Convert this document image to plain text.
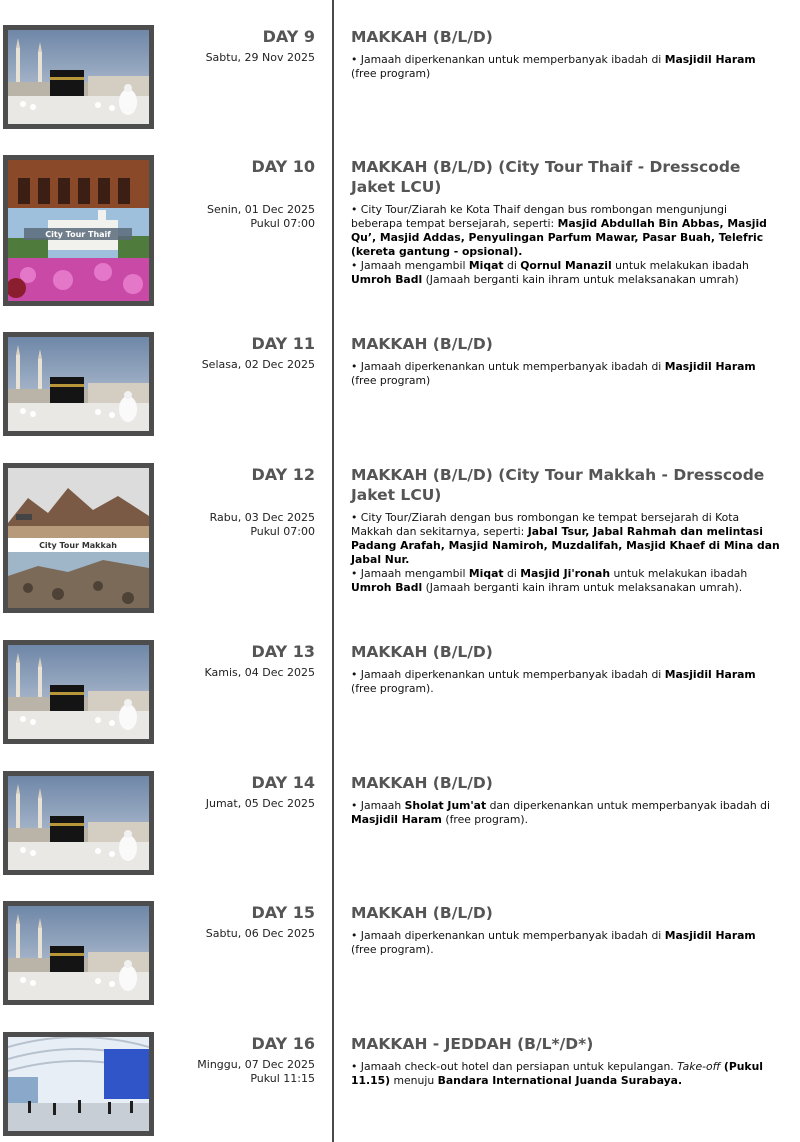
DAY 9
Sabtu, 29 Nov 2025
MAKKAH (B/L/D)
• Jamaah diperkenankan untuk memperbanyak ibadah di Masjidil Haram (free program)
City Tour Thaif
DAY 10
Senin, 01 Dec 2025
Pukul 07:00
MAKKAH (B/L/D) (City Tour Thaif - Dresscode Jaket LCU)
• City Tour/Ziarah ke Kota Thaif dengan bus rombongan mengunjungi beberapa tempat bersejarah, seperti: Masjid Abdullah Bin Abbas, Masjid Qu’, Masjid Addas, Penyulingan Parfum Mawar, Pasar Buah, Telefric (kereta gantung - opsional).
• Jamaah mengambil Miqat di Qornul Manazil untuk melakukan ibadah Umroh Badl (Jamaah berganti kain ihram untuk melaksanakan umrah)
DAY 11
Selasa, 02 Dec 2025
MAKKAH (B/L/D)
• Jamaah diperkenankan untuk memperbanyak ibadah di Masjidil Haram (free program)
City Tour Makkah
DAY 12
Rabu, 03 Dec 2025
Pukul 07:00
MAKKAH (B/L/D) (City Tour Makkah - Dresscode Jaket LCU)
• City Tour/Ziarah dengan bus rombongan ke tempat bersejarah di Kota Makkah dan sekitarnya, seperti: Jabal Tsur, Jabal Rahmah dan melintasi Padang Arafah, Masjid Namiroh, Muzdalifah, Masjid Khaef di Mina dan Jabal Nur.
• Jamaah mengambil Miqat di Masjid Ji'ronah untuk melakukan ibadah Umroh Badl (Jamaah berganti kain ihram untuk melaksanakan umrah).
DAY 13
Kamis, 04 Dec 2025
MAKKAH (B/L/D)
• Jamaah diperkenankan untuk memperbanyak ibadah di Masjidil Haram (free program).
DAY 14
Jumat, 05 Dec 2025
MAKKAH (B/L/D)
• Jamaah Sholat Jum'at dan diperkenankan untuk memperbanyak ibadah di Masjidil Haram (free program).
DAY 15
Sabtu, 06 Dec 2025
MAKKAH (B/L/D)
• Jamaah diperkenankan untuk memperbanyak ibadah di Masjidil Haram (free program).
DAY 16
Minggu, 07 Dec 2025
Pukul 11:15
MAKKAH - JEDDAH (B/L*/D*)
• Jamaah check-out hotel dan persiapan untuk kepulangan. Take-off (Pukul 11.15) menuju Bandara International Juanda Surabaya.
